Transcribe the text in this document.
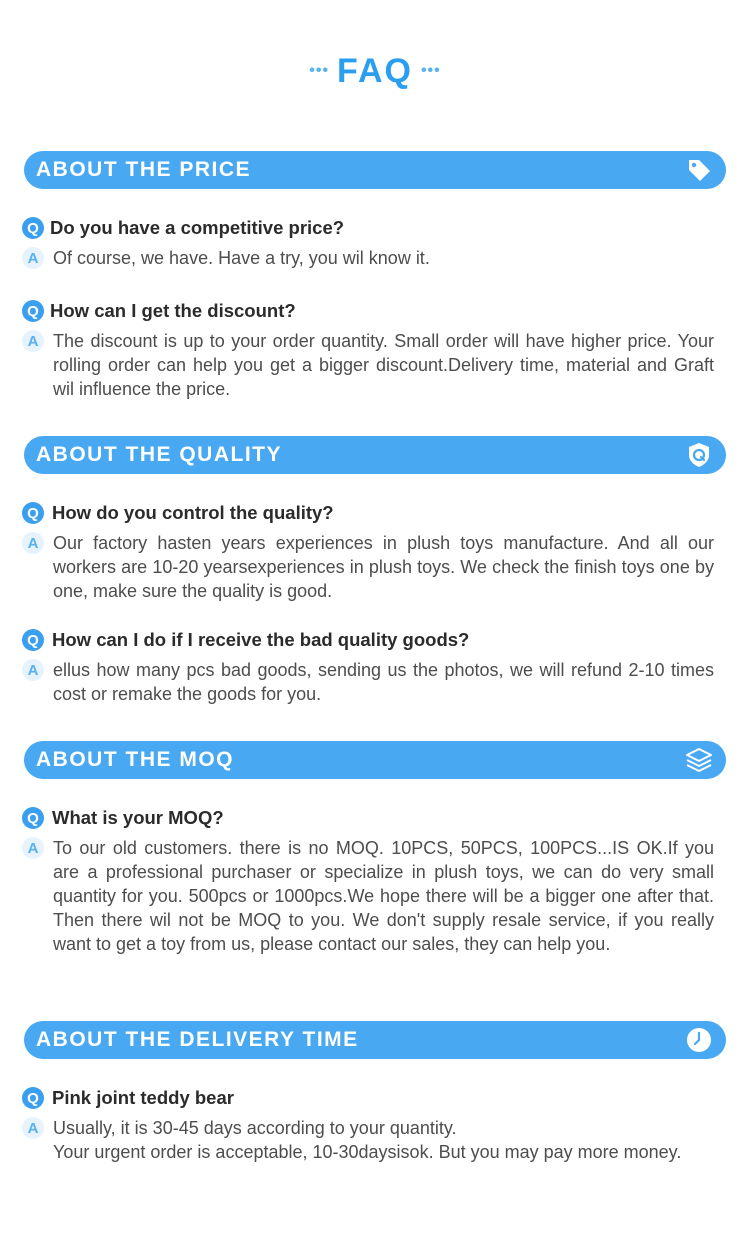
••• FAQ •••
ABOUT THE PRICE
Q Do you have a competitive price?
A Of course, we have. Have a try, you wil know it.

Q How can I get the discount?
A The discount is up to your order quantity. Small order will have higher price. Your rolling order can help you get a bigger discount.Delivery time, material and Graft wil influence the price.

ABOUT THE QUALITY
Q How do you control the quality?
A Our factory hasten years experiences in plush toys manufacture. And all our workers are 10-20 yearsexperiences in plush toys. We check the finish toys one by one, make sure the quality is good.

Q How can I do if I receive the bad quality goods?
A ellus how many pcs bad goods, sending us the photos, we will refund 2-10 times cost or remake the goods for you.

ABOUT THE MOQ
Q What is your MOQ?
A To our old customers. there is no MOQ. 10PCS, 50PCS, 100PCS...IS OK.If you are a professional purchaser or specialize in plush toys, we can do very small quantity for you. 500pcs or 1000pcs.We hope there will be a bigger one after that. Then there wil not be MOQ to you. We don't supply resale service, if you really want to get a toy from us, please contact our sales, they can help you.

ABOUT THE DELIVERY TIME
Q Pink joint teddy bear
A Usually, it is 30-45 days according to your quantity.

Your urgent order is acceptable, 10-30daysisok. But you may pay more money.
